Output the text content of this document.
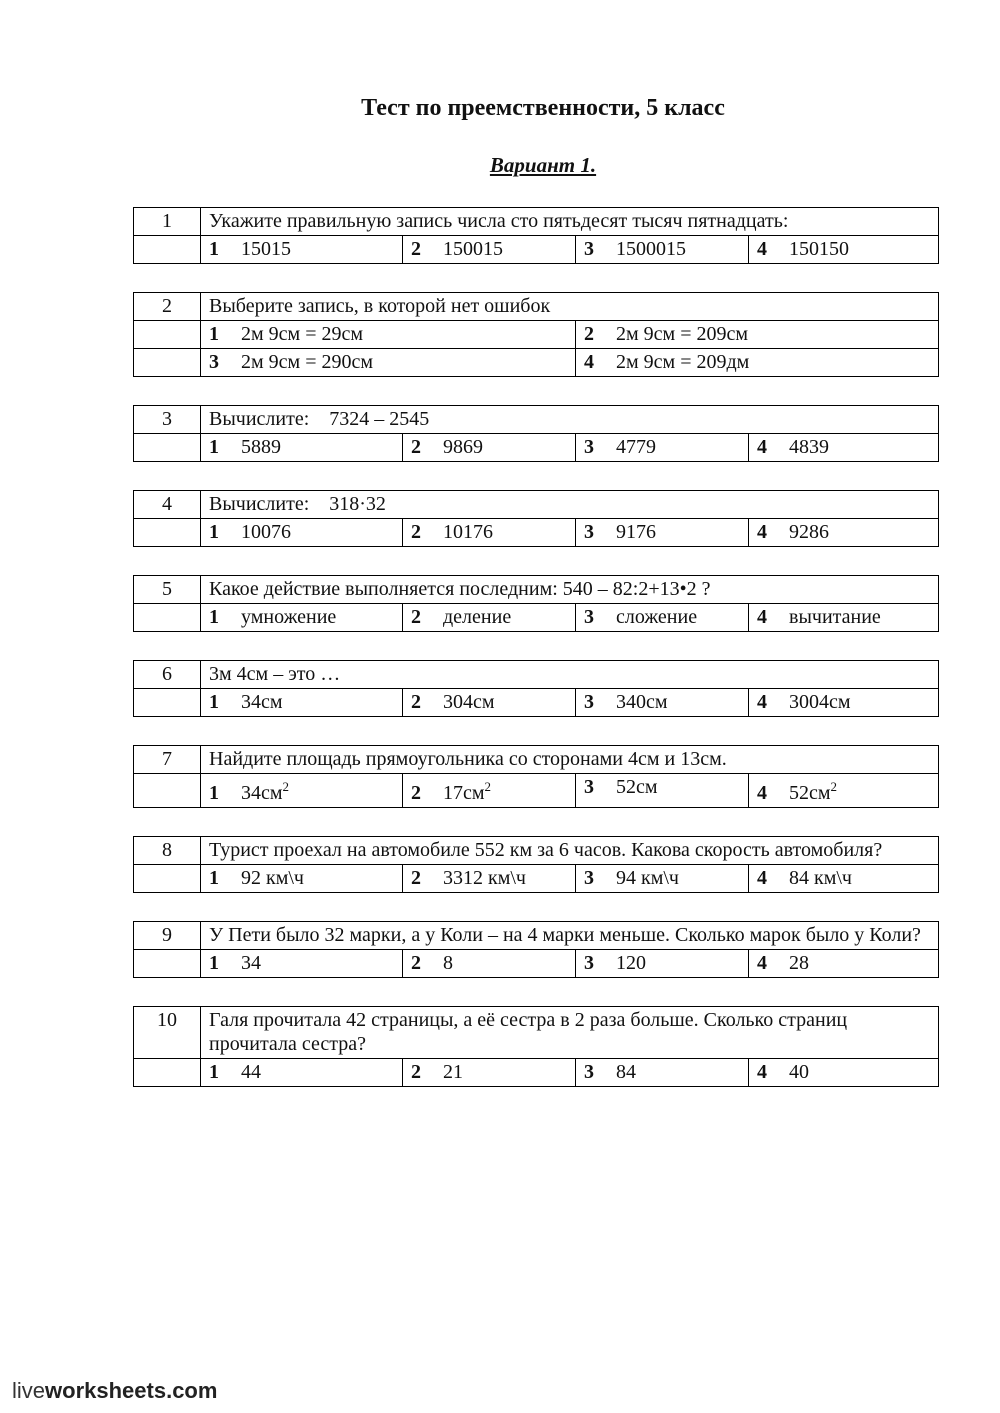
Тест по преемственности, 5 класс
Вариант 1.
1	Укажите правильную запись числа сто пятьдесят тысяч пятнадцать:			
	1 15015	2 150015	3 1500015	4 150150
2	Выберите запись, в которой нет ошибок	
	1 2м 9см = 29см	2 2м 9см = 209см
	3 2м 9см = 290см	4 2м 9см = 209дм
3	Вычислите:    7324 – 2545			
	1 5889	2 9869	3 4779	4 4839
4	Вычислите:    318·32			
	1 10076	2 10176	3 9176	4 9286
5	Какое действие выполняется последним: 540 – 82:2+13•2 ?			
	1 умножение	2 деление	3 сложение	4 вычитание
6	3м 4см – это …			
	1 34см	2 304см	3 340см	4 3004см
7	Найдите площадь прямоугольника со сторонами 4см и 13см.			
	1 $34см^2$	2 $17см^2$	3 52см	4 $52см^2$
8	Турист проехал на автомобиле 552 км за 6 часов. Какова скорость автомобиля?			
	1 92 км\ч	2 3312 км\ч	3 94 км\ч	4 84 км\ч
9	У Пети было 32 марки, а у Коли – на 4 марки меньше. Сколько марок было у Коли?			
	1 34	2 8	3 120	4 28
10	Галя прочитала 42 страницы, а её сестра в 2 раза больше. Сколько страниц прочитала сестра?			
	1 44	2 21	3 84	4 40
liveworksheets.com
